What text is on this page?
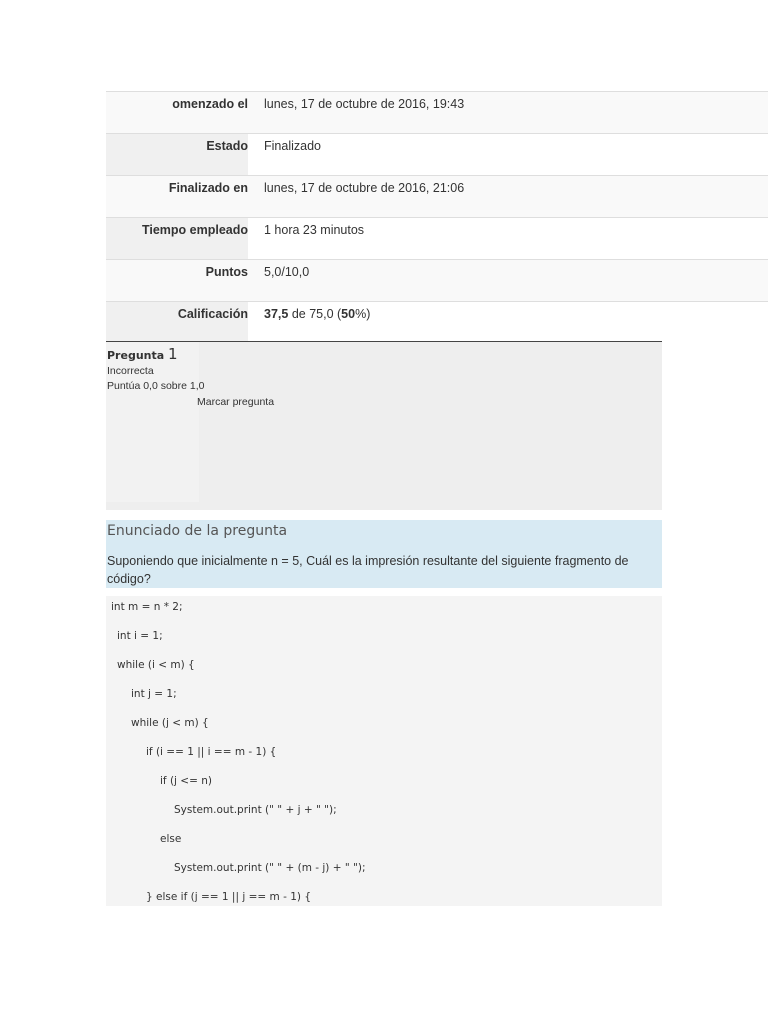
omenzado el	lunes, 17 de octubre de 2016, 19:43
Estado	Finalizado
Finalizado en	lunes, 17 de octubre de 2016, 21:06
Tiempo empleado	1 hora 23 minutos
Puntos	5,0/10,0
Calificación	37,5 de 75,0 (50%)
Pregunta 1
Incorrecta
Puntúa 0,0 sobre 1,0
Marcar pregunta
Enunciado de la pregunta
Suponiendo que inicialmente n = 5, Cuál es la impresión resultante del siguiente fragmento de código?
int m = n * 2;
int i = 1;
while (i < m) {
int j = 1;
while (j < m) {
if (i == 1 || i == m - 1) {
if (j <= n)
System.out.print (" " + j + " ");
else
System.out.print (" " + (m - j) + " ");
} else if (j == 1 || j == m - 1) {
